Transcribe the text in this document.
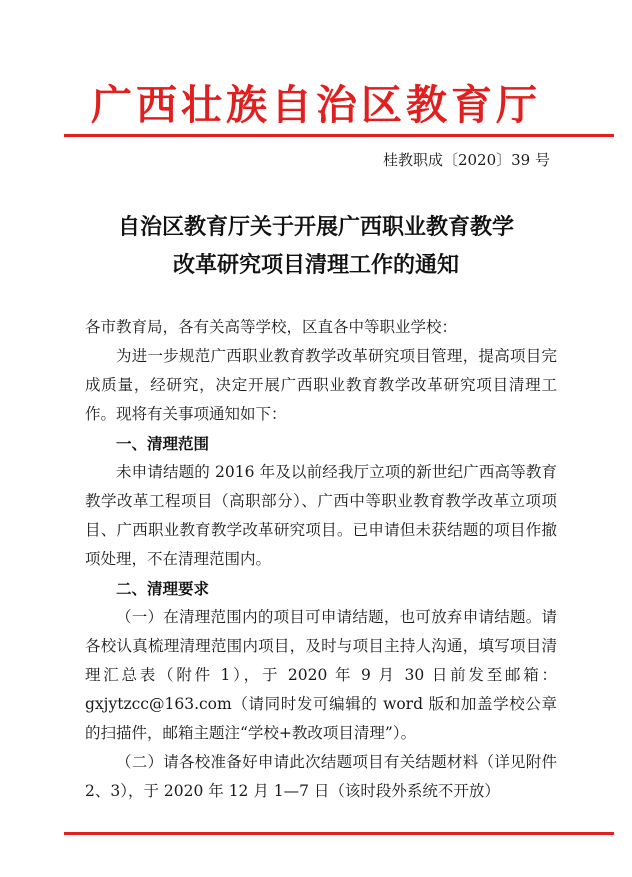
广西壮族自治区教育厅
桂教职成〔2020〕39 号
自治区教育厅关于开展广西职业教育教学
改革研究项目清理工作的通知

各市教育局，各有关高等学校，区直各中等职业学校：

为进一步规范广西职业教育教学改革研究项目管理，提高项目完成质量，经研究，决定开展广西职业教育教学改革研究项目清理工作。现将有关事项通知如下：

一、清理范围

未申请结题的 2016 年及以前经我厅立项的新世纪广西高等教育教学改革工程项目（高职部分）、广西中等职业教育教学改革立项项目、广西职业教育教学改革研究项目。已申请但未获结题的项目作撤项处理，不在清理范围内。

二、清理要求

（一）在清理范围内的项目可申请结题，也可放弃申请结题。请各校认真梳理清理范围内项目，及时与项目主持人沟通，填写项目清理汇总表（附件 1），于 2020 年 9 月 30 日前发至邮箱：gxjytzcc@163.com（请同时发可编辑的 word 版和加盖学校公章的扫描件，邮箱主题注“学校+教改项目清理”）。

（二）请各校准备好申请此次结题项目有关结题材料（详见附件 2、3），于 2020 年 12 月 1—7 日（该时段外系统不开放）
